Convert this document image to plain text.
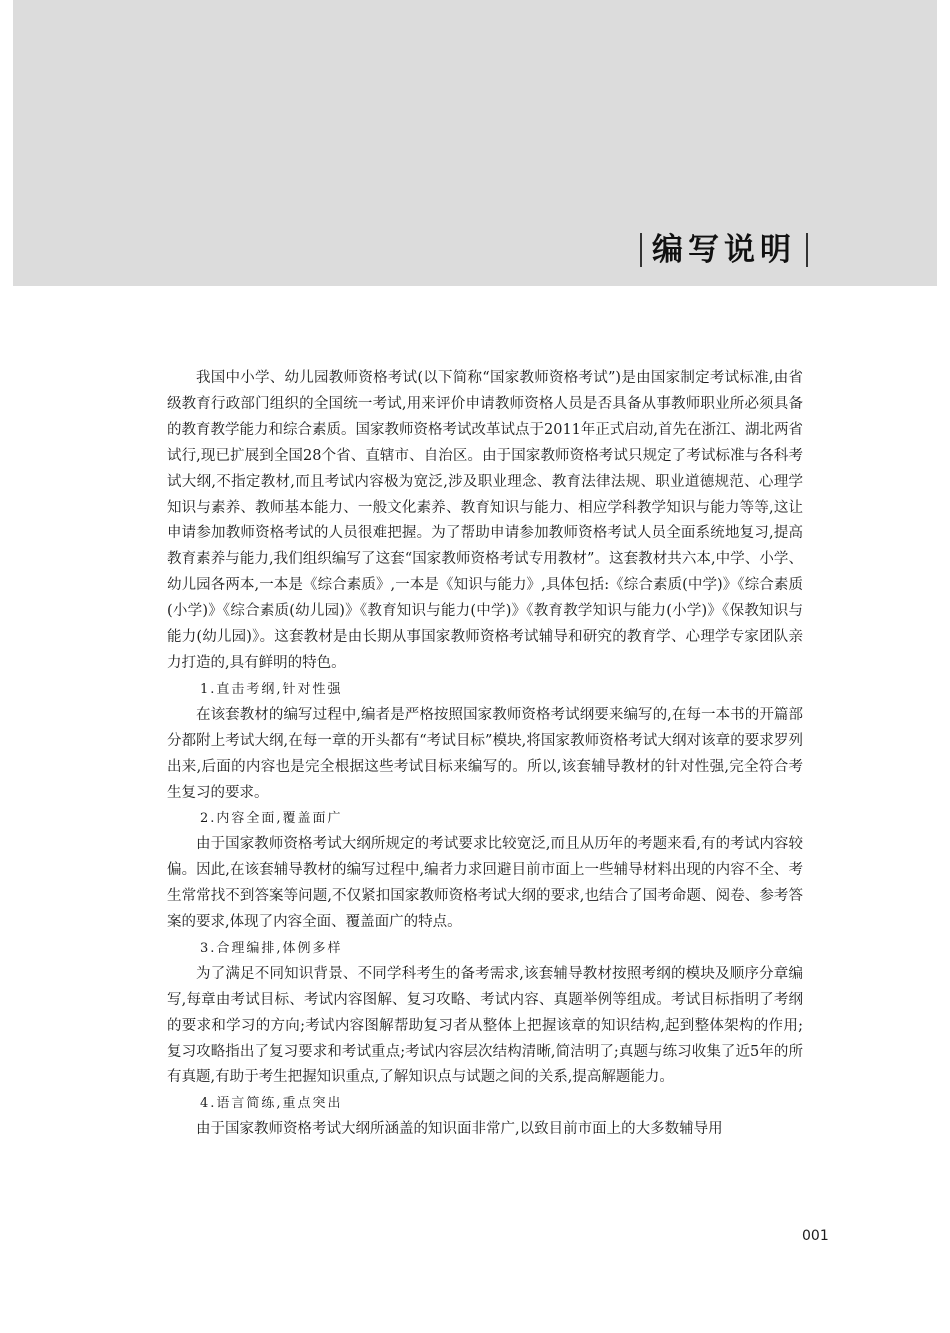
编写说明

我国中小学、幼儿园教师资格考试(以下简称“国家教师资格考试”)是由国家制定考试标准,由省级教育行政部门组织的全国统一考试,用来评价申请教师资格人员是否具备从事教师职业所必须具备的教育教学能力和综合素质。国家教师资格考试改革试点于2011年正式启动,首先在浙江、湖北两省试行,现已扩展到全国28个省、直辖市、自治区。由于国家教师资格考试只规定了考试标准与各科考试大纲,不指定教材,而且考试内容极为宽泛,涉及职业理念、教育法律法规、职业道德规范、心理学知识与素养、教师基本能力、一般文化素养、教育知识与能力、相应学科教学知识与能力等等,这让申请参加教师资格考试的人员很难把握。为了帮助申请参加教师资格考试人员全面系统地复习,提高教育素养与能力,我们组织编写了这套“国家教师资格考试专用教材”。这套教材共六本,中学、小学、幼儿园各两本,一本是《综合素质》,一本是《知识与能力》,具体包括:《综合素质(中学)》《综合素质(小学)》《综合素质(幼儿园)》《教育知识与能力(中学)》《教育教学知识与能力(小学)》《保教知识与能力(幼儿园)》。这套教材是由长期从事国家教师资格考试辅导和研究的教育学、心理学专家团队亲力打造的,具有鲜明的特色。

1.直击考纲,针对性强

在该套教材的编写过程中,编者是严格按照国家教师资格考试纲要来编写的,在每一本书的开篇部分都附上考试大纲,在每一章的开头都有“考试目标”模块,将国家教师资格考试大纲对该章的要求罗列出来,后面的内容也是完全根据这些考试目标来编写的。所以,该套辅导教材的针对性强,完全符合考生复习的要求。

2.内容全面,覆盖面广

由于国家教师资格考试大纲所规定的考试要求比较宽泛,而且从历年的考题来看,有的考试内容较偏。因此,在该套辅导教材的编写过程中,编者力求回避目前市面上一些辅导材料出现的内容不全、考生常常找不到答案等问题,不仅紧扣国家教师资格考试大纲的要求,也结合了国考命题、阅卷、参考答案的要求,体现了内容全面、覆盖面广的特点。

3.合理编排,体例多样

为了满足不同知识背景、不同学科考生的备考需求,该套辅导教材按照考纲的模块及顺序分章编写,每章由考试目标、考试内容图解、复习攻略、考试内容、真题举例等组成。考试目标指明了考纲的要求和学习的方向;考试内容图解帮助复习者从整体上把握该章的知识结构,起到整体架构的作用;复习攻略指出了复习要求和考试重点;考试内容层次结构清晰,简洁明了;真题与练习收集了近5年的所有真题,有助于考生把握知识重点,了解知识点与试题之间的关系,提高解题能力。

4.语言简练,重点突出

由于国家教师资格考试大纲所涵盖的知识面非常广,以致目前市面上的大多数辅导用

001
